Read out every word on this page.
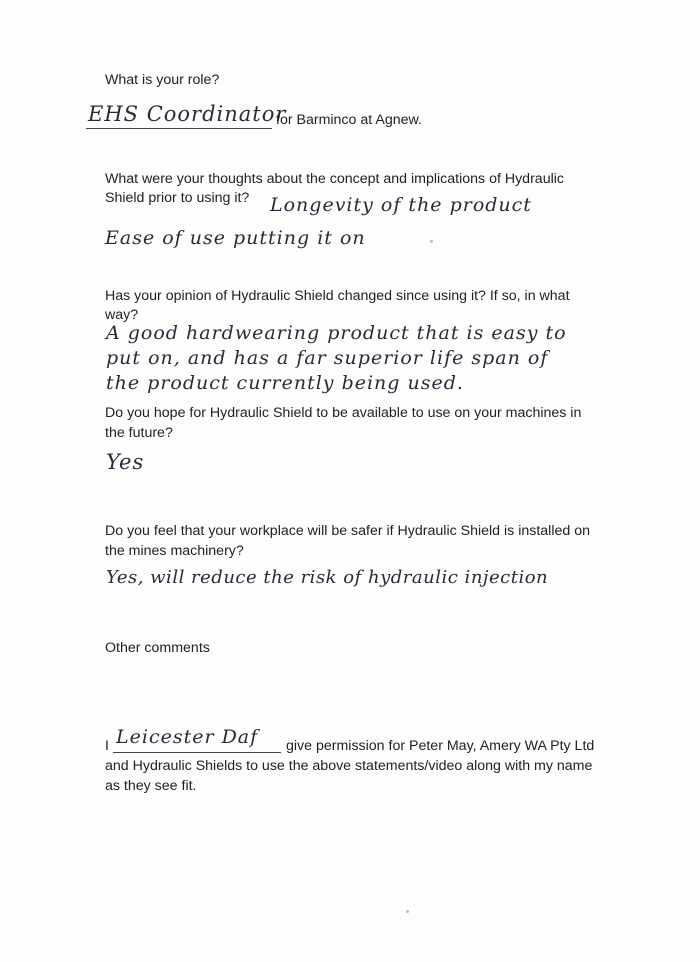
What is your role?
EHS Coordinator
for Barminco at Agnew.
What were your thoughts about the concept and implications of Hydraulic
Shield prior to using it? Longevity of the product
Ease of use putting it on
Has your opinion of Hydraulic Shield changed since using it? If so, in what
way?
A good hardwearing product that is easy to
put on, and has a far superior life span of
the product currently being used.
Do you hope for Hydraulic Shield to be available to use on your machines in
the future?
Yes
Do you feel that your workplace will be safer if Hydraulic Shield is installed on
the mines machinery?
Yes, will reduce the risk of hydraulic injection
Other comments
I Leicester Daf give permission for Peter May, Amery WA Pty Ltd
and Hydraulic Shields to use the above statements/video along with my name
as they see fit.
